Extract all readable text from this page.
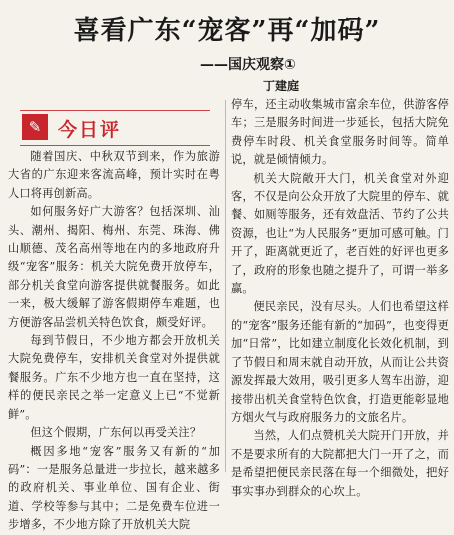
喜看广东“宠客”再“加码”
——国庆观察①
丁建庭
✎ 今日评

随着国庆、中秋双节到来，作为旅游大省的广东迎来客流高峰，预计实时在粤人口将再创新高。

如何服务好广大游客？包括深圳、汕头、潮州、揭阳、梅州、东莞、珠海、佛山顺德、茂名高州等地在内的多地政府升级“宠客”服务：机关大院免费开放停车，部分机关食堂向游客提供就餐服务。如此一来，极大缓解了游客假期停车难题，也方便游客品尝机关特色饮食，颇受好评。

每到节假日，不少地方都会开放机关大院免费停车，安排机关食堂对外提供就餐服务。广东不少地方也一直在坚持，这样的便民亲民之举一定意义上已“不觉新鲜”。

但这个假期，广东何以再受关注？

概因多地“宠客”服务又有新的“加码”：一是服务总量进一步拉长，越来越多的政府机关、事业单位、国有企业、街道、学校等参与其中；二是免费车位进一步增多，不少地方除了开放机关大院

停车，还主动收集城市富余车位，供游客停车；三是服务时间进一步延长，包括大院免费停车时段、机关食堂服务时间等。简单说，就是倾情倾力。

机关大院敞开大门，机关食堂对外迎客，不仅是向公众开放了大院里的停车、就餐、如厕等服务，还有效盘活、节约了公共资源，也让“为人民服务”更加可感可触。门开了，距离就更近了，老百姓的好评也更多了，政府的形象也随之提升了，可谓一举多赢。

便民亲民，没有尽头。人们也希望这样的“宠客”服务还能有新的“加码”，也变得更加“日常”，比如建立制度化长效化机制，到了节假日和周末就自动开放，从而让公共资源发挥最大效用，吸引更多人驾车出游，迎接带出机关食堂特色饮食，打造更能彰显地方烟火气与政府服务力的文旅名片。

当然，人们点赞机关大院开门开放，并不是要求所有的大院都把大门一开了之，而是希望把便民亲民落在每一个细微处，把好事实事办到群众的心坎上。
